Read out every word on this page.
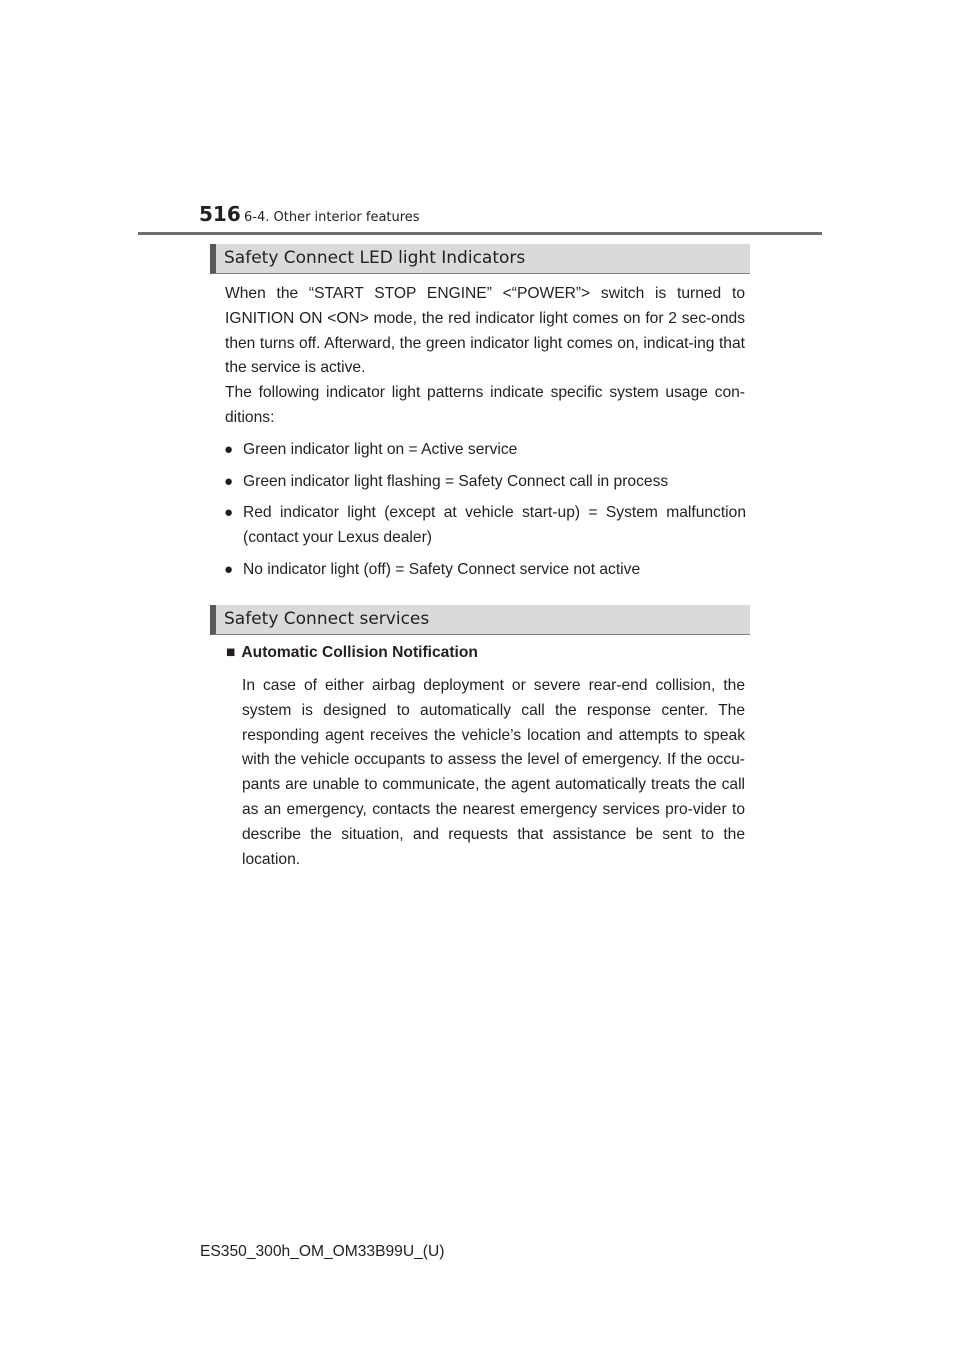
516 6-4. Other interior features
Safety Connect LED light Indicators

When the “START STOP ENGINE” <“POWER”> switch is turned to IGNITION ON <ON> mode, the red indicator light comes on for 2 sec-onds then turns off. Afterward, the green indicator light comes on, indicat-ing that the service is active.

The following indicator light patterns indicate specific system usage con-ditions:

● Green indicator light on = Active service
● Green indicator light flashing = Safety Connect call in process
● Red indicator light (except at vehicle start-up) = System malfunction (contact your Lexus dealer)
● No indicator light (off) = Safety Connect service not active
Safety Connect services
■ Automatic Collision Notification

In case of either airbag deployment or severe rear-end collision, the system is designed to automatically call the response center. The responding agent receives the vehicle’s location and attempts to speak with the vehicle occupants to assess the level of emergency. If the occu-pants are unable to communicate, the agent automatically treats the call as an emergency, contacts the nearest emergency services pro-vider to describe the situation, and requests that assistance be sent to the location.

ES350_300h_OM_OM33B99U_(U)
